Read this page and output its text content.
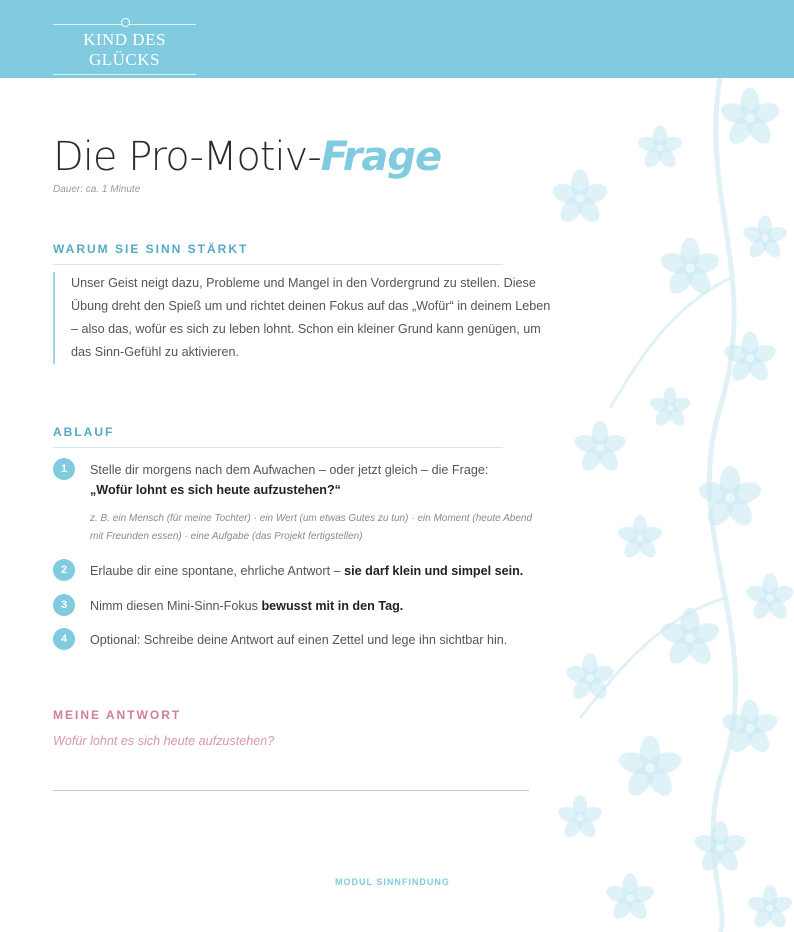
KIND DES GLÜCKS
Die Pro-Motiv-Frage
Dauer: ca. 1 Minute
WARUM SIE SINN STÄRKT
Unser Geist neigt dazu, Probleme und Mangel in den Vordergrund zu stellen. Diese Übung dreht den Spieß um und richtet deinen Fokus auf das „Wofür“ in deinem Leben – also das, wofür es sich zu leben lohnt. Schon ein kleiner Grund kann genügen, um das Sinn-Gefühl zu aktivieren.
ABLAUF
1	Stelle dir morgens nach dem Aufwachen – oder jetzt gleich – die Frage:
„Wofür lohnt es sich heute aufzustehen?“
z. B. ein Mensch (für meine Tochter) · ein Wert (um etwas Gutes zu tun) · ein Moment (heute Abend mit Freunden essen) · eine Aufgabe (das Projekt fertigstellen)
2	Erlaube dir eine spontane, ehrliche Antwort – sie darf klein und simpel sein.
3	Nimm diesen Mini-Sinn-Fokus bewusst mit in den Tag.
4	Optional: Schreibe deine Antwort auf einen Zettel und lege ihn sichtbar hin.
MEINE ANTWORT
Wofür lohnt es sich heute aufzustehen?
MODUL SINNFINDUNG
